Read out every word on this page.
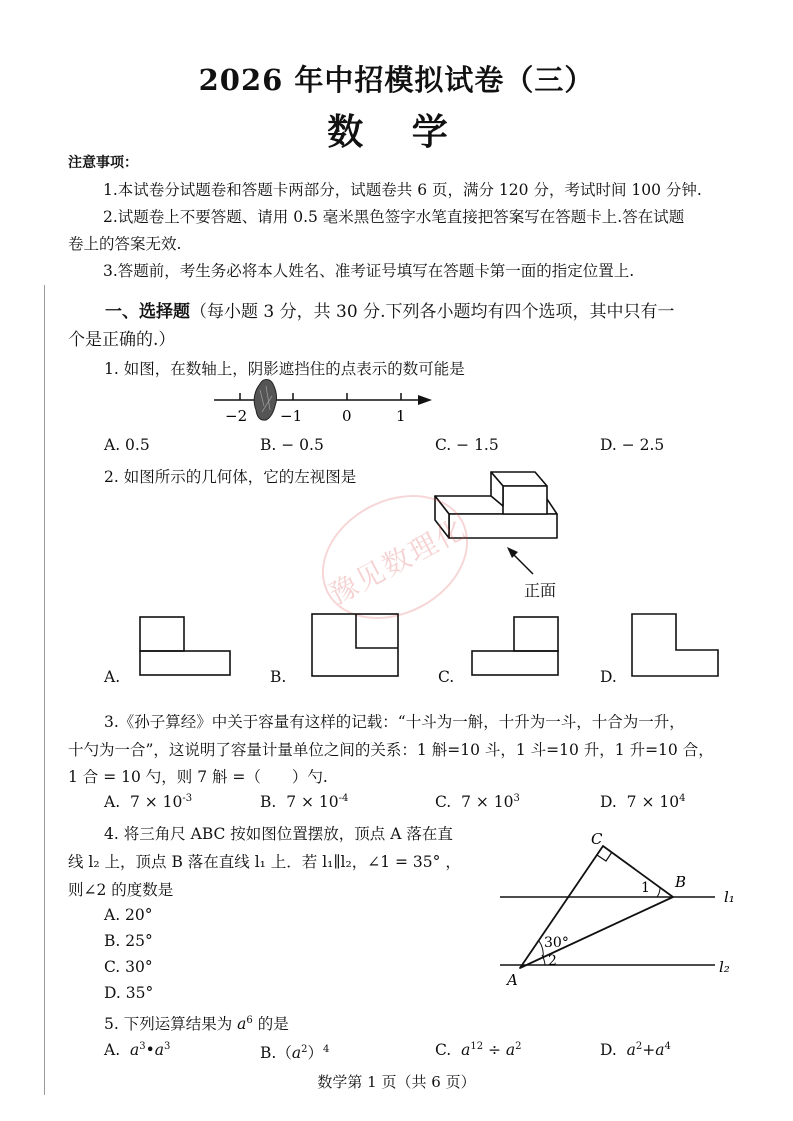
2026 年中招模拟试卷（三）
数 学
注意事项：
1.本试卷分试题卷和答题卡两部分，试题卷共 6 页，满分 120 分，考试时间 100 分钟.
2.试题卷上不要答题、请用 0.5 毫米黑色签字水笔直接把答案写在答题卡上.答在试题
卷上的答案无效.
3.答题前，考生务必将本人姓名、准考证号填写在答题卡第一面的指定位置上.
一、选择题（每小题 3 分，共 30 分.下列各小题均有四个选项，其中只有一
个是正确的.）
1. 如图，在数轴上，阴影遮挡住的点表示的数可能是
−2 −1	0	1
A. 0.5	B. − 0.5	C. − 1.5	D. − 2.5
2. 如图所示的几何体，它的左视图是
正面
豫见数理化
A.	B.	C.	D.
3.《孙子算经》中关于容量有这样的记载：“十斗为一斛，十升为一斗，十合为一升，
十勺为一合”，这说明了容量计量单位之间的关系：1 斛=10 斗，1 斗=10 升，1 升=10 合，
1 合 = 10 勺，则 7 斛 =（　　）勺.
A. $7 \times 10^{-3}$	B. $7 \times 10^{-4}$	C. $7 \times 10^3$	D. $7 \times 10^4$
4. 将三角尺 ABC 按如图位置摆放，顶点 A 落在直
线 l₂ 上，顶点 B 落在直线 l₁ 上．若 l₁∥l₂，∠1 = 35° ，
则∠2 的度数是
A. 20°
B. 25°
C. 30°
D. 35°
C
B
A
l₁
l₂
1
30°
2
5. 下列运算结果为 $a^6$ 的是
A. $a^3•a^3$	$B.(a^2)^4$	C. $a^{12} \div a^2$	D. $a^2+a^4$
数学第 1 页（共 6 页）
